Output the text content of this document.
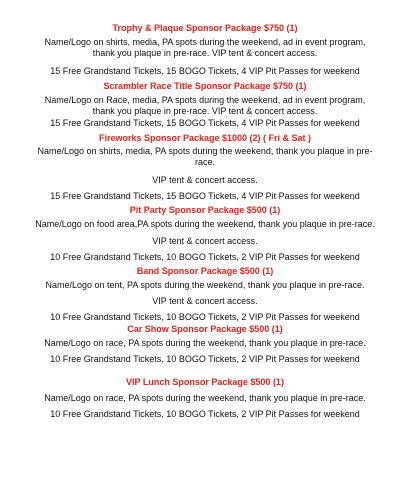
Trophy & Plaque Sponsor Package $750 (1)
Name/Logo on shirts, media, PA spots during the weekend, ad in event program, thank you plaque in pre-race. VIP tent & concert access.
15 Free Grandstand Tickets, 15 BOGO Tickets, 4 VIP Pit Passes for weekend
Scrambler Race Title Sponsor Package $750 (1)
Name/Logo on Race, media, PA spots during the weekend, ad in event program, thank you plaque in pre-race. VIP tent & concert access.
15 Free Grandstand Tickets, 15 BOGO Tickets, 4 VIP Pit Passes for weekend
Fireworks Sponsor Package $1000 (2) ( Fri & Sat )
Name/Logo on shirts, media, PA spots during the weekend, thank you plaque in pre-race.
VIP tent & concert access.
15 Free Grandstand Tickets, 15 BOGO Tickets, 4 VIP Pit Passes for weekend
Pit Party Sponsor Package $500 (1)
Name/Logo on food area,PA spots during the weekend, thank you plaque in pre-race.
VIP tent & concert access.
10 Free Grandstand Tickets, 10 BOGO Tickets, 2 VIP Pit Passes for weekend
Band Sponsor Package $500 (1)
Name/Logo on tent, PA spots during the weekend, thank you plaque in pre-race.
VIP tent & concert access.
10 Free Grandstand Tickets, 10 BOGO Tickets, 2 VIP Pit Passes for weekend
Car Show Sponsor Package $500 (1)
Name/Logo on race, PA spots during the weekend, thank you plaque in pre-race.
10 Free Grandstand Tickets, 10 BOGO Tickets, 2 VIP Pit Passes for weekend
VIP Lunch Sponsor Package $500 (1)
Name/Logo on race, PA spots during the weekend, thank you plaque in pre-race.
10 Free Grandstand Tickets, 10 BOGO Tickets, 2 VIP Pit Passes for weekend
